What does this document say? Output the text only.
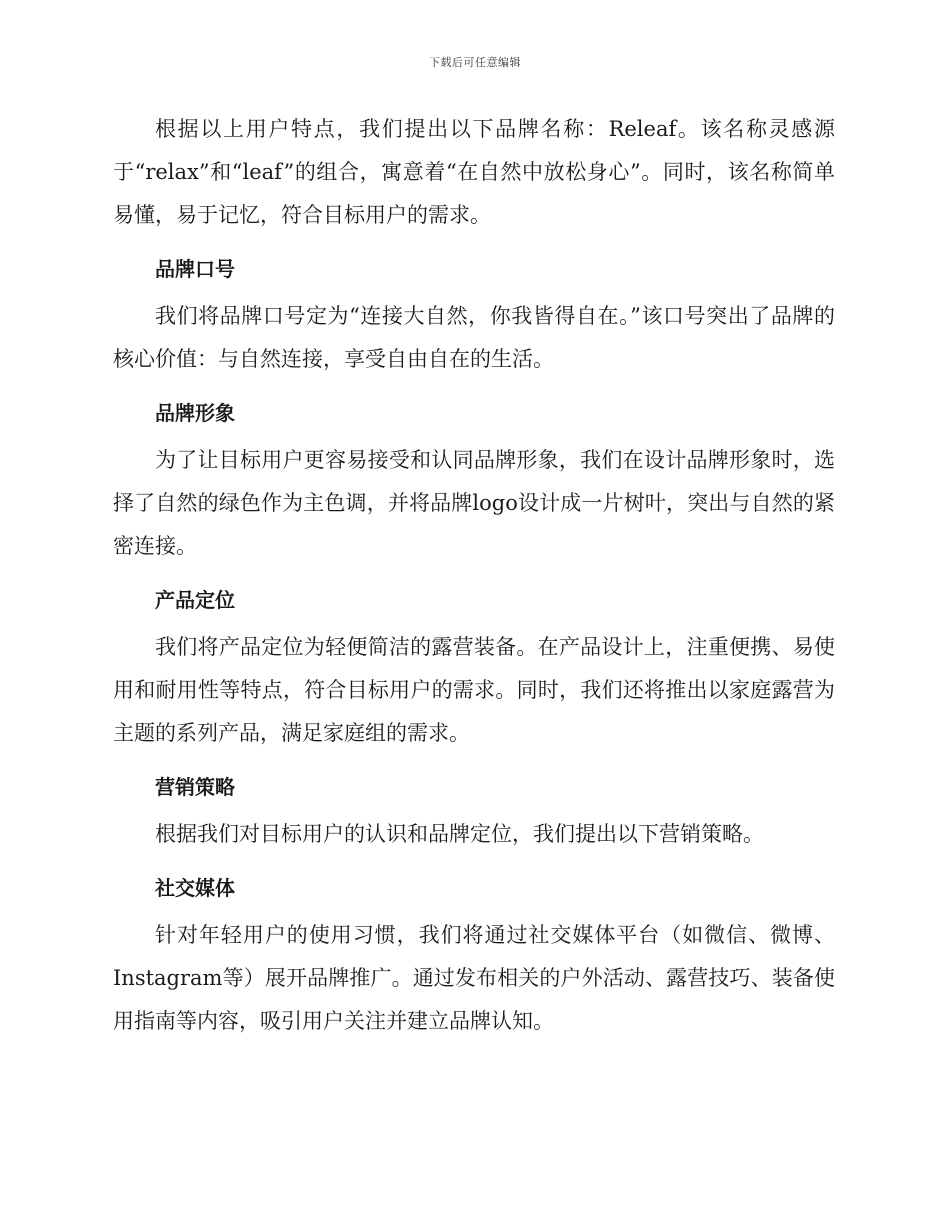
下载后可任意编辑

根据以上用户特点，我们提出以下品牌名称：Releaf。该名称灵感源于“relax”和“leaf”的组合，寓意着“在自然中放松身心”。同时，该名称简单易懂，易于记忆，符合目标用户的需求。

品牌口号

我们将品牌口号定为“连接大自然，你我皆得自在。”该口号突出了品牌的核心价值：与自然连接，享受自由自在的生活。

品牌形象

为了让目标用户更容易接受和认同品牌形象，我们在设计品牌形象时，选择了自然的绿色作为主色调，并将品牌logo设计成一片树叶，突出与自然的紧密连接。

产品定位

我们将产品定位为轻便简洁的露营装备。在产品设计上，注重便携、易使用和耐用性等特点，符合目标用户的需求。同时，我们还将推出以家庭露营为主题的系列产品，满足家庭组的需求。

营销策略

根据我们对目标用户的认识和品牌定位，我们提出以下营销策略。

社交媒体

针对年轻用户的使用习惯，我们将通过社交媒体平台（如微信、微博、Instagram等）展开品牌推广。通过发布相关的户外活动、露营技巧、装备使用指南等内容，吸引用户关注并建立品牌认知。
